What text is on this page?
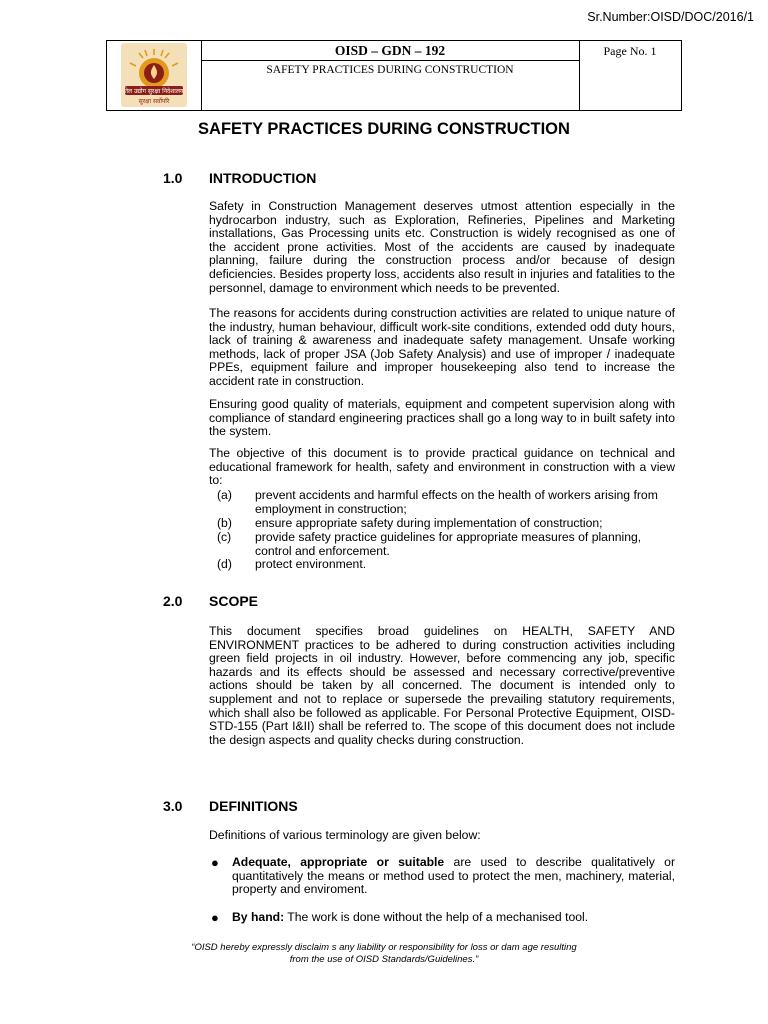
Sr.Number:OISD/DOC/2016/1
तेल उद्योग सुरक्षा निदेशालय
सुरक्षा सर्वोपरि
OISD – GDN – 192
SAFETY PRACTICES DURING CONSTRUCTION
Page No. 1
SAFETY PRACTICES DURING CONSTRUCTION
1.0 INTRODUCTION
Safety in Construction Management deserves utmost attention especially in the hydrocarbon industry, such as Exploration, Refineries, Pipelines and Marketing installations, Gas Processing units etc. Construction is widely recognised as one of the accident prone activities. Most of the accidents are caused by inadequate planning, failure during the construction process and/or because of design deficiencies. Besides property loss, accidents also result in injuries and fatalities to the personnel, damage to environment which needs to be prevented.
The reasons for accidents during construction activities are related to unique nature of the industry, human behaviour, difficult work-site conditions, extended odd duty hours, lack of training & awareness and inadequate safety management. Unsafe working methods, lack of proper JSA (Job Safety Analysis) and use of improper / inadequate PPEs, equipment failure and improper housekeeping also tend to increase the accident rate in construction.
Ensuring good quality of materials, equipment and competent supervision along with compliance of standard engineering practices shall go a long way to in built safety into the system.
The objective of this document is to provide practical guidance on technical and educational framework for health, safety and environment in construction with a view to:
(a) prevent accidents and harmful effects on the health of workers arising from employment in construction;
(b) ensure appropriate safety during implementation of construction;
(c) provide safety practice guidelines for appropriate measures of planning, control and enforcement.
(d) protect environment.
2.0 SCOPE
This document specifies broad guidelines on HEALTH, SAFETY AND ENVIRONMENT practices to be adhered to during construction activities including green field projects in oil industry. However, before commencing any job, specific hazards and its effects should be assessed and necessary corrective/preventive actions should be taken by all concerned. The document is intended only to supplement and not to replace or supersede the prevailing statutory requirements, which shall also be followed as applicable. For Personal Protective Equipment, OISD-STD-155 (Part I&II) shall be referred to. The scope of this document does not include the design aspects and quality checks during construction.
3.0 DEFINITIONS
Definitions of various terminology are given below:
● Adequate, appropriate or suitable are used to describe qualitatively or quantitatively the means or method used to protect the men, machinery, material, property and enviroment.
● By hand: The work is done without the help of a mechanised tool.
“OISD hereby expressly disclaim s any liability or responsibility for loss or dam age resulting
from the use of OISD Standards/Guidelines.”
